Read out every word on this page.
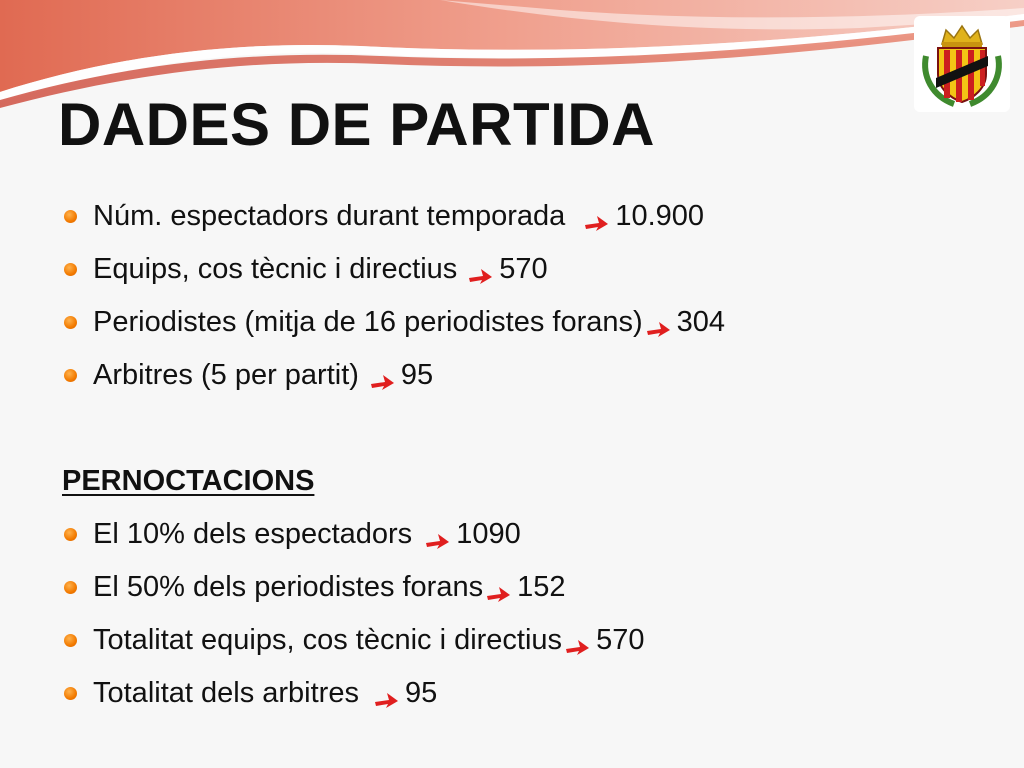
DADES DE PARTIDA
Núm. espectadors durant temporada 10.900
Equips, cos tècnic i directius 570
Periodistes (mitja de 16 periodistes forans) 304
Arbitres (5 per partit) 95
PERNOCTACIONS
El 10% dels espectadors 1090
El 50% dels periodistes forans 152
Totalitat equips, cos tècnic i directius 570
Totalitat dels arbitres 95
